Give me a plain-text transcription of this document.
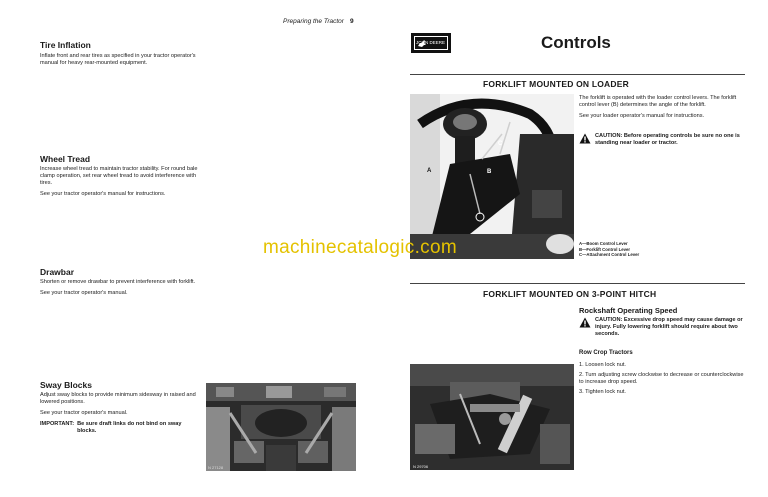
Preparing the Tractor 9
Tire Inflation

Inflate front and rear tires as specified in your tractor operator's manual for heavy rear-mounted equipment.

Wheel Tread

Increase wheel tread to maintain tractor stability. For round bale clamp operation, set rear wheel tread to avoid interference with tires.

See your tractor operator's manual for instructions.

Drawbar

Shorten or remove drawbar to prevent interference with forklift.

See your tractor operator's manual.

Sway Blocks

Adjust sway blocks to provide minimum sidesway in raised and lowered positions.

See your tractor operator's manual.

IMPORTANT: Be sure draft links do not bind on sway blocks.
N 27128
JOHN DEERE	Controls
FORKLIFT MOUNTED ON LOADER
A	B
C

The forklift is operated with the loader control levers. The forklift control lever (B) determines the angle of the forklift.

See your loader operator's manual for instructions.

CAUTION: Before operating controls be sure no one is standing near loader or tractor.
A—Boom Control Lever
B—Forklift Control Lever
C—Attachment Control Lever
FORKLIFT MOUNTED ON 3-POINT HITCH
Rockshaft Operating Speed
CAUTION: Excessive drop speed may cause damage or injury. Fully lowering forklift should require about two seconds.
Row Crop Tractors
1. Loosen lock nut.
2. Turn adjusting screw clockwise to decrease or counterclockwise to increase drop speed.
3. Tighten lock nut.
N 29706
machinecatalogic.com
